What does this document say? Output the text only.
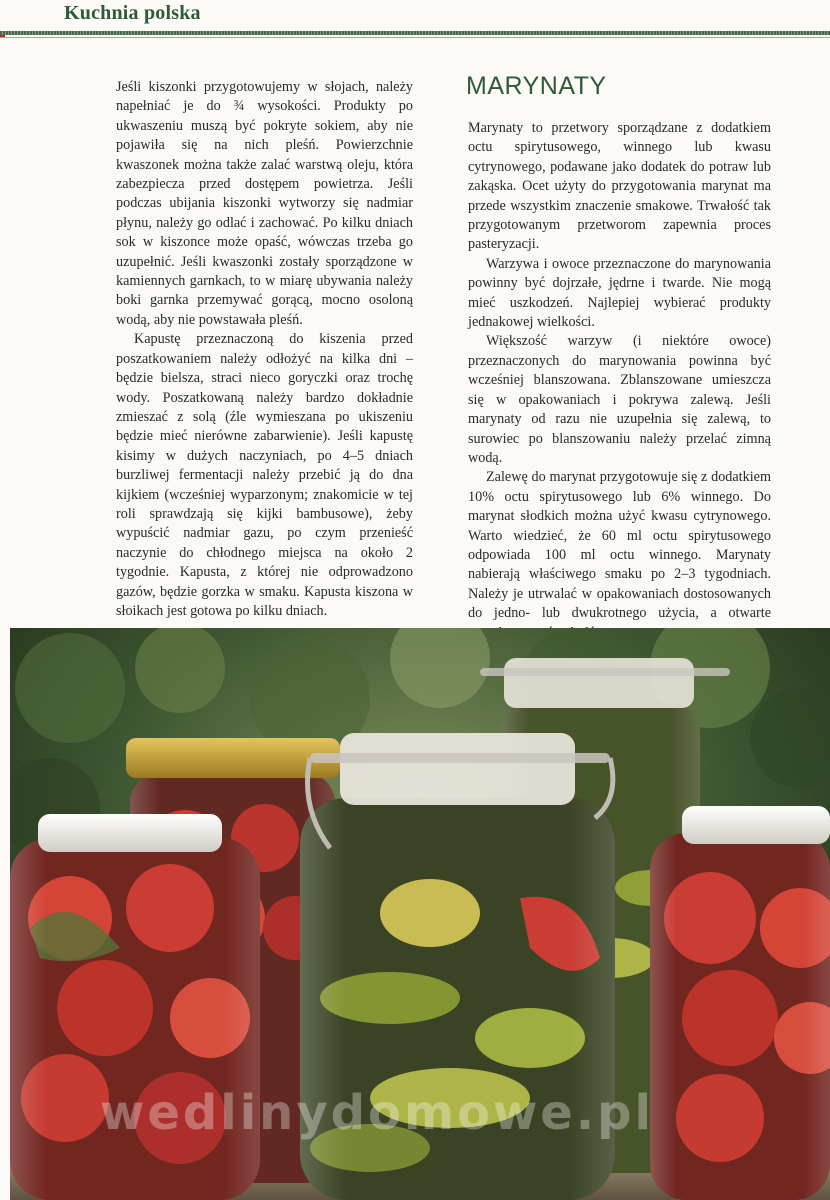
Kuchnia polska

Jeśli kiszonki przygotowujemy w słojach, należy napełniać je do ¾ wysokości. Produkty po ukwaszeniu muszą być pokryte sokiem, aby nie pojawiła się na nich pleśń. Powierzchnie kwaszonek można także zalać warstwą oleju, która zabezpiecza przed dostępem powietrza. Jeśli podczas ubijania kiszonki wytworzy się nadmiar płynu, należy go odlać i zachować. Po kilku dniach sok w kiszonce może opaść, wówczas trzeba go uzupełnić. Jeśli kwaszonki zostały sporządzone w kamiennych garnkach, to w miarę ubywania należy boki garnka przemywać gorącą, mocno osoloną wodą, aby nie powstawała pleśń.

Kapustę przeznaczoną do kiszenia przed poszatkowaniem należy odłożyć na kilka dni – będzie bielsza, straci nieco goryczki oraz trochę wody. Poszatkowaną należy bardzo dokładnie zmieszać z solą (źle wymieszana po ukiszeniu będzie mieć nierówne zabarwienie). Jeśli kapustę kisimy w dużych naczyniach, po 4–5 dniach burzliwej fermentacji należy przebić ją do dna kijkiem (wcześniej wyparzonym; znakomicie w tej roli sprawdzają się kijki bambusowe), żeby wypuścić nadmiar gazu, po czym przenieść naczynie do chłodnego miejsca na około 2 tygodnie. Kapusta, z której nie odprowadzono gazów, będzie gorzka w smaku. Kapusta kiszona w słoikach jest gotowa po kilku dniach.

MARYNATY

Marynaty to przetwory sporządzane z dodatkiem octu spirytusowego, winnego lub kwasu cytrynowego, podawane jako dodatek do potraw lub zakąska. Ocet użyty do przygotowania marynat ma przede wszystkim znaczenie smakowe. Trwałość tak przygotowanym przetworom zapewnia proces pasteryzacji.

Warzywa i owoce przeznaczone do marynowania powinny być dojrzałe, jędrne i twarde. Nie mogą mieć uszkodzeń. Najlepiej wybierać produkty jednakowej wielkości.

Większość warzyw (i niektóre owoce) przeznaczonych do marynowania powinna być wcześniej blanszowana. Zblanszowane umieszcza się w opakowaniach i pokrywa zalewą. Jeśli marynaty od razu nie uzupełnia się zalewą, to surowiec po blanszowaniu należy przelać zimną wodą.

Zalewę do marynat przygotowuje się z dodatkiem 10% octu spirytusowego lub 6% winnego. Do marynat słodkich można użyć kwasu cytrynowego. Warto wiedzieć, że 60 ml octu spirytusowego odpowiada 100 ml octu winnego. Marynaty nabierają właściwego smaku po 2–3 tygodniach. Należy je utrwalać w opakowaniach dostosowanych do jedno- lub dwukrotnego użycia, a otwarte

wedlinydomowe.pl
